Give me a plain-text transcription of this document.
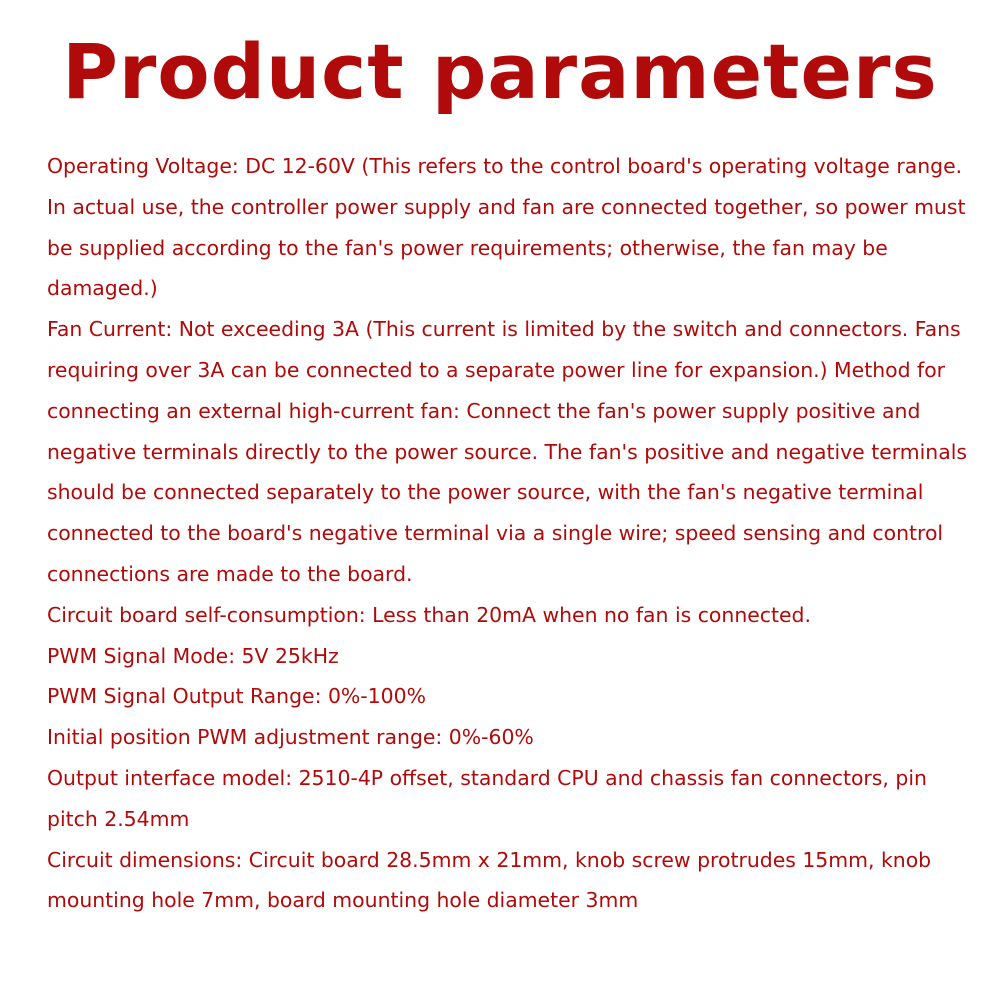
Product parameters

Operating Voltage: DC 12-60V (This refers to the control board's operating voltage range. In actual use, the controller power supply and fan are connected together, so power must be supplied according to the fan's power requirements; otherwise, the fan may be damaged.)

Fan Current: Not exceeding 3A (This current is limited by the switch and connectors. Fans requiring over 3A can be connected to a separate power line for expansion.) Method for connecting an external high-current fan: Connect the fan's power supply positive and negative terminals directly to the power source. The fan's positive and negative terminals should be connected separately to the power source, with the fan's negative terminal connected to the board's negative terminal via a single wire; speed sensing and control connections are made to the board.

Circuit board self-consumption: Less than 20mA when no fan is connected.

PWM Signal Mode: 5V 25kHz

PWM Signal Output Range: 0%-100%

Initial position PWM adjustment range: 0%-60%

Output interface model: 2510-4P offset, standard CPU and chassis fan connectors, pin pitch 2.54mm

Circuit dimensions: Circuit board 28.5mm x 21mm, knob screw protrudes 15mm, knob mounting hole 7mm, board mounting hole diameter 3mm
